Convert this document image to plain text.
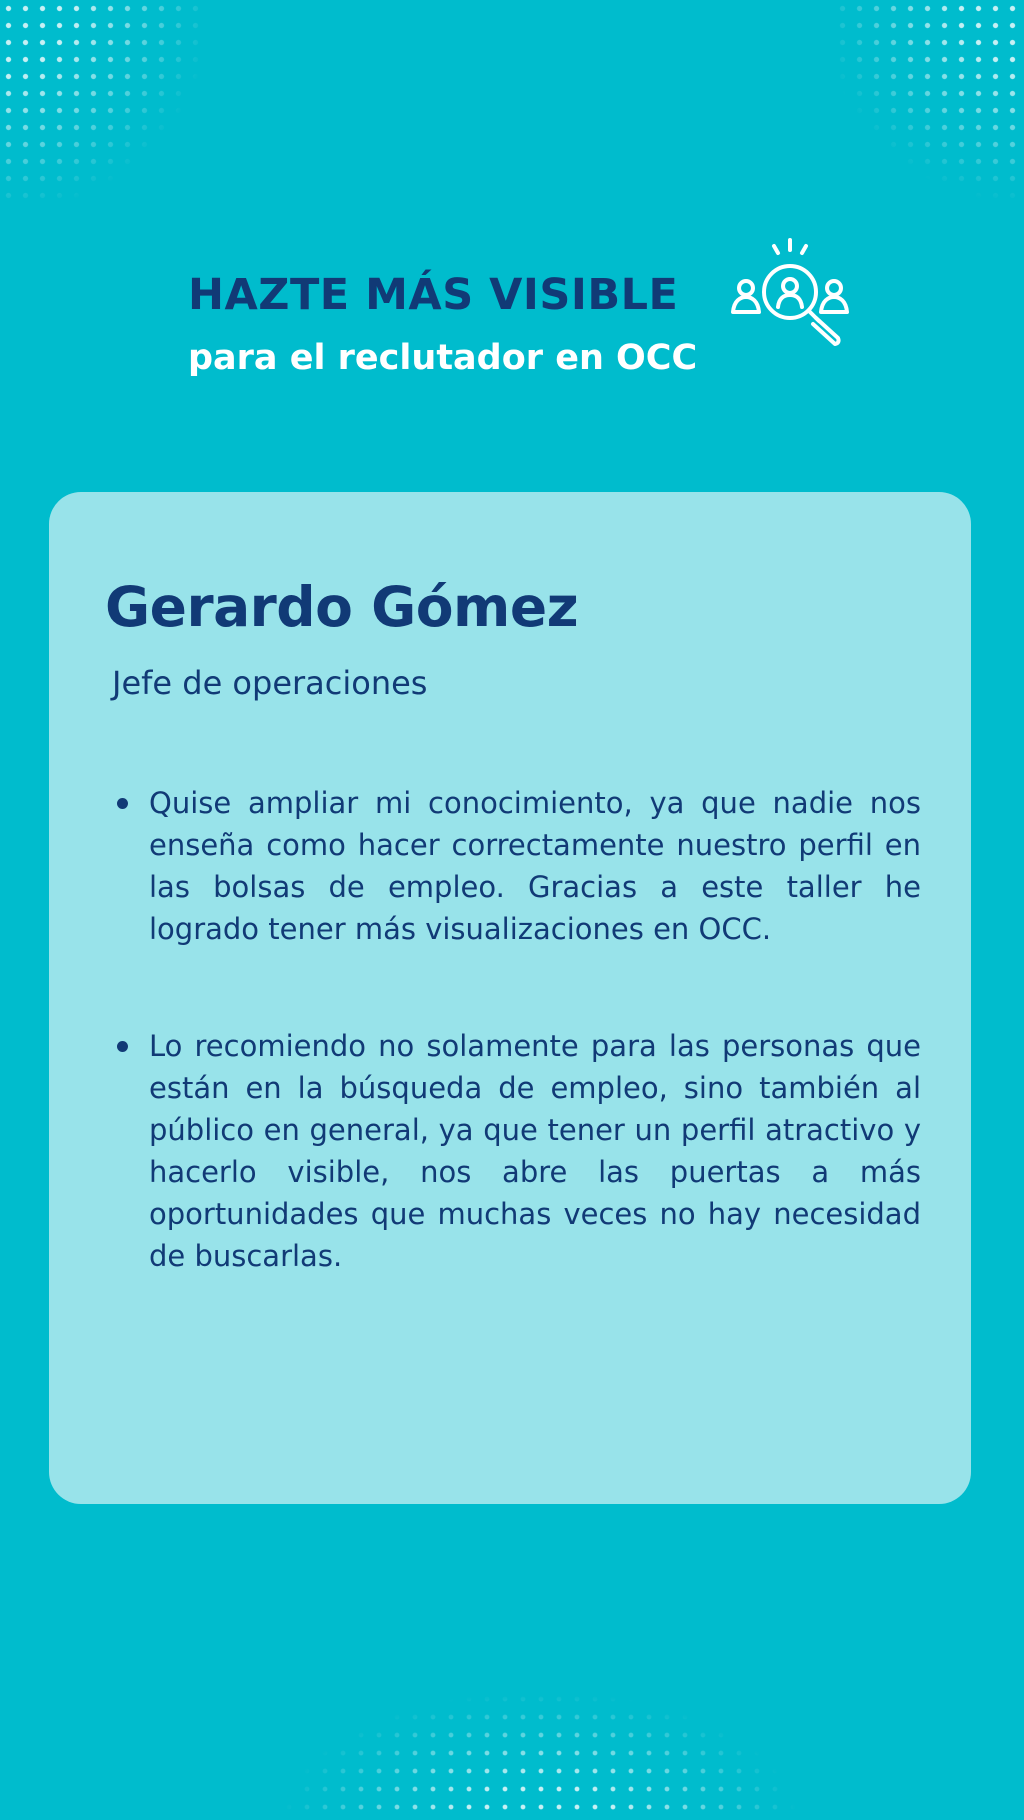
HAZTE MÁS VISIBLE
para el reclutador en OCC
Gerardo Gómez
Jefe de operaciones
Quise ampliar mi conocimiento, ya que nadie nos enseña como hacer correctamente nuestro perfil en las bolsas de empleo. Gracias a este taller he logrado tener más visualizaciones en OCC.
Lo recomiendo no solamente para las personas que están en la búsqueda de empleo, sino también al público en general, ya que tener un perfil atractivo y hacerlo visible, nos abre las puertas a más oportunidades que muchas veces no hay necesidad de buscarlas.
